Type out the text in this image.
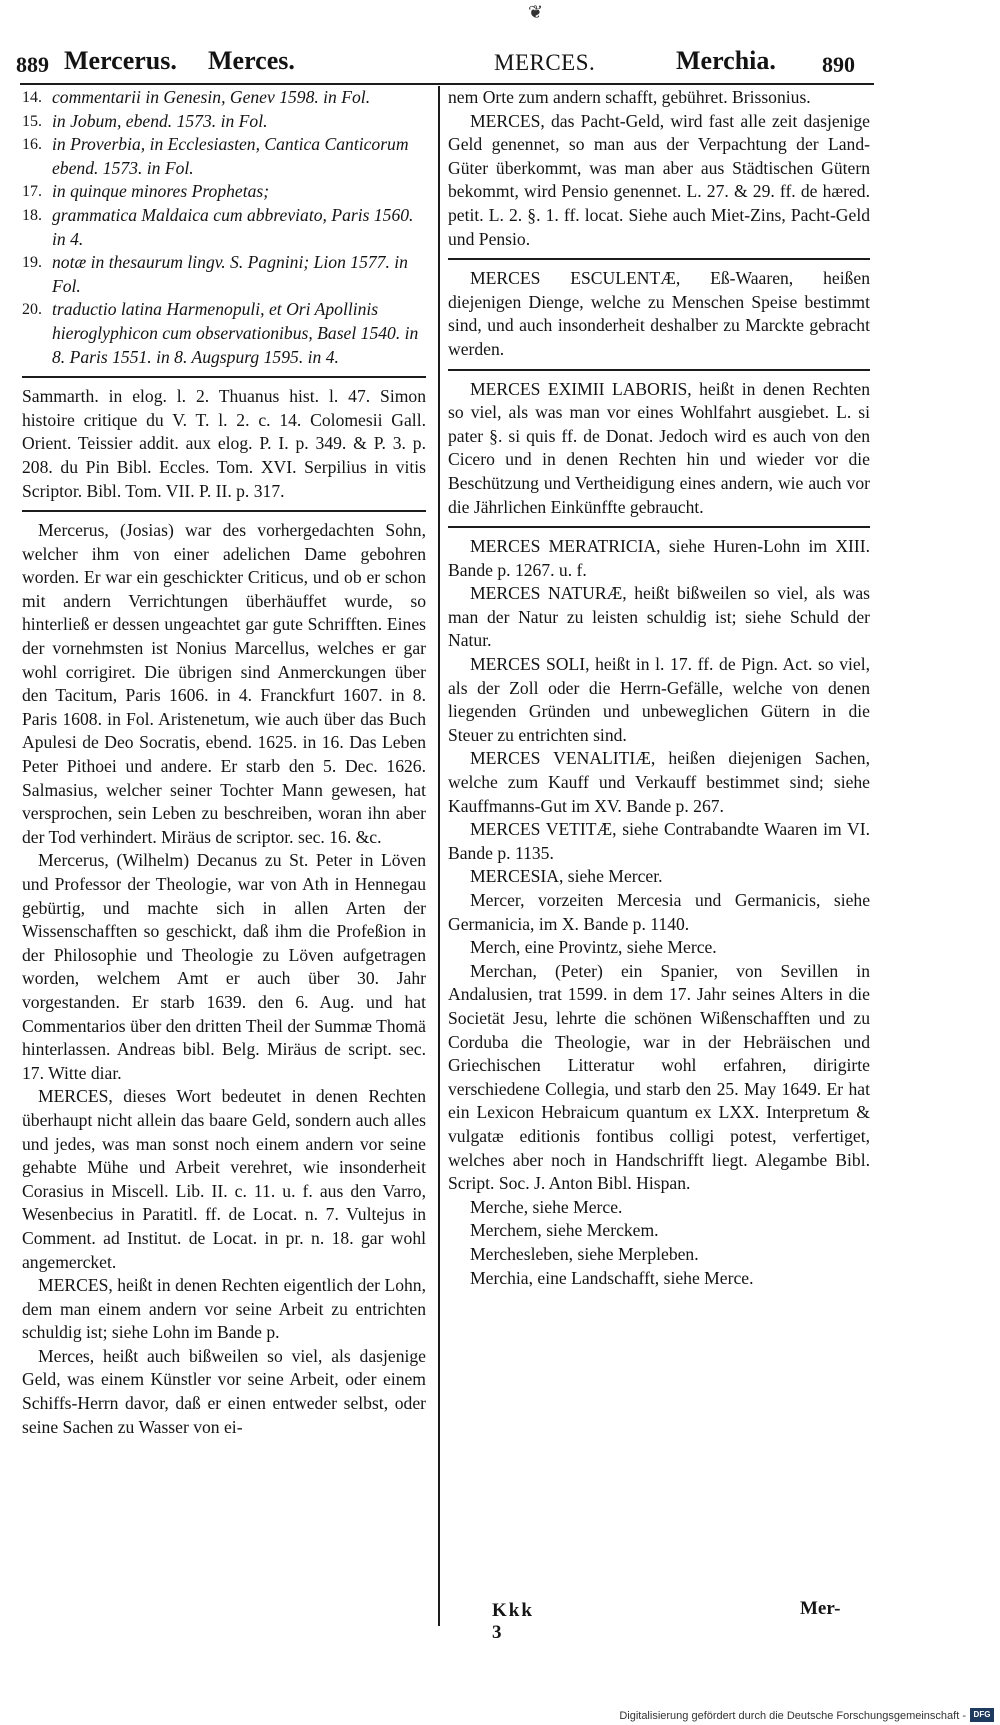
❦
889 Mercerus. Merces.	MERCES.	Merchia. 890
14. commentarii in Genesin, Genev 1598. in Fol.
15. in Jobum, ebend. 1573. in Fol.
16. in Proverbia, in Ecclesiasten, Cantica Canticorum ebend. 1573. in Fol.
17. in quinque minores Prophetas;
18. grammatica Maldaica cum abbreviato, Paris 1560. in 4.
19. notæ in thesaurum lingv. S. Pagnini; Lion 1577. in Fol.
20. traductio latina Harmenopuli, et Ori Apollinis hieroglyphicon cum observationibus, Basel 1540. in 8. Paris 1551. in 8. Augspurg 1595. in 4.

Sammarth. in elog. l. 2. Thuanus hist. l. 47. Simon histoire critique du V. T. l. 2. c. 14. Colomesii Gall. Orient. Teissier addit. aux elog. P. I. p. 349. & P. 3. p. 208. du Pin Bibl. Eccles. Tom. XVI. Serpilius in vitis Scriptor. Bibl. Tom. VII. P. II. p. 317.

Mercerus, (Josias) war des vorhergedachten Sohn, welcher ihm von einer adelichen Dame gebohren worden. Er war ein geschickter Criticus, und ob er schon mit andern Verrichtungen überhäuffet wurde, so hinterließ er dessen ungeachtet gar gute Schrifften. Eines der vornehmsten ist Nonius Marcellus, welches er gar wohl corrigiret. Die übrigen sind Anmerckungen über den Tacitum, Paris 1606. in 4. Franckfurt 1607. in 8. Paris 1608. in Fol. Aristenetum, wie auch über das Buch Apulesi de Deo Socratis, ebend. 1625. in 16. Das Leben Peter Pithoei und andere. Er starb den 5. Dec. 1626. Salmasius, welcher seiner Tochter Mann gewesen, hat versprochen, sein Leben zu beschreiben, woran ihn aber der Tod verhindert. Miräus de scriptor. sec. 16. &c.

Mercerus, (Wilhelm) Decanus zu St. Peter in Löven und Professor der Theologie, war von Ath in Hennegau gebürtig, und machte sich in allen Arten der Wissenschafften so geschickt, daß ihm die Profeßion in der Philosophie und Theologie zu Löven aufgetragen worden, welchem Amt er auch über 30. Jahr vorgestanden. Er starb 1639. den 6. Aug. und hat Commentarios über den dritten Theil der Summæ Thomä hinterlassen. Andreas bibl. Belg. Miräus de script. sec. 17. Witte diar.

MERCES, dieses Wort bedeutet in denen Rechten überhaupt nicht allein das baare Geld, sondern auch alles und jedes, was man sonst noch einem andern vor seine gehabte Mühe und Arbeit verehret, wie insonderheit Corasius in Miscell. Lib. II. c. 11. u. f. aus den Varro, Wesenbecius in Paratitl. ff. de Locat. n. 7. Vultejus in Comment. ad Institut. de Locat. in pr. n. 18. gar wohl angemercket.

MERCES, heißt in denen Rechten eigentlich der Lohn, dem man einem andern vor seine Arbeit zu entrichten schuldig ist; siehe Lohn im Bande p.

Merces, heißt auch bißweilen so viel, als dasjenige Geld, was einem Künstler vor seine Arbeit, oder einem Schiffs-Herrn davor, daß er einen entweder selbst, oder seine Sachen zu Wasser von ei-

nem Orte zum andern schafft, gebühret. Brissonius.

MERCES, das Pacht-Geld, wird fast alle zeit dasjenige Geld genennet, so man aus der Verpachtung der Land-Güter überkommt, was man aber aus Städtischen Gütern bekommt, wird Pensio genennet. L. 27. & 29. ff. de hæred. petit. L. 2. §. 1. ff. locat. Siehe auch Miet-Zins, Pacht-Geld und Pensio.

MERCES ESCULENTÆ, Eß-Waaren, heißen diejenigen Dienge, welche zu Menschen Speise bestimmt sind, und auch insonderheit deshalber zu Marckte gebracht werden.

MERCES EXIMII LABORIS, heißt in denen Rechten so viel, als was man vor eines Wohlfahrt ausgiebet. L. si pater §. si quis ff. de Donat. Jedoch wird es auch von den Cicero und in denen Rechten hin und wieder vor die Beschützung und Vertheidigung eines andern, wie auch vor die Jährlichen Einkünffte gebraucht.

MERCES MERATRICIA, siehe Huren-Lohn im XIII. Bande p. 1267. u. f.

MERCES NATURÆ, heißt bißweilen so viel, als was man der Natur zu leisten schuldig ist; siehe Schuld der Natur.

MERCES SOLI, heißt in l. 17. ff. de Pign. Act. so viel, als der Zoll oder die Herrn-Gefälle, welche von denen liegenden Gründen und unbeweglichen Gütern in die Steuer zu entrichten sind.

MERCES VENALITIÆ, heißen diejenigen Sachen, welche zum Kauff und Verkauff bestimmet sind; siehe Kauffmanns-Gut im XV. Bande p. 267.

MERCES VETITÆ, siehe Contrabandte Waaren im VI. Bande p. 1135.

MERCESIA, siehe Mercer.

Mercer, vorzeiten Mercesia und Germanicis, siehe Germanicia, im X. Bande p. 1140.

Merch, eine Provintz, siehe Merce.

Merchan, (Peter) ein Spanier, von Sevillen in Andalusien, trat 1599. in dem 17. Jahr seines Alters in die Societät Jesu, lehrte die schönen Wißenschafften und zu Corduba die Theologie, war in der Hebräischen und Griechischen Litteratur wohl erfahren, dirigirte verschiedene Collegia, und starb den 25. May 1649. Er hat ein Lexicon Hebraicum quantum ex LXX. Interpretum & vulgatæ editionis fontibus colligi potest, verfertiget, welches aber noch in Handschrifft liegt. Alegambe Bibl. Script. Soc. J. Anton Bibl. Hispan.

Merche, siehe Merce.

Merchem, siehe Merckem.

Merchesleben, siehe Merpleben.

Merchia, eine Landschafft, siehe Merce.

Kkk 3
Mer-
Digitalisierung gefördert durch die Deutsche Forschungsgemeinschaft - DFG
